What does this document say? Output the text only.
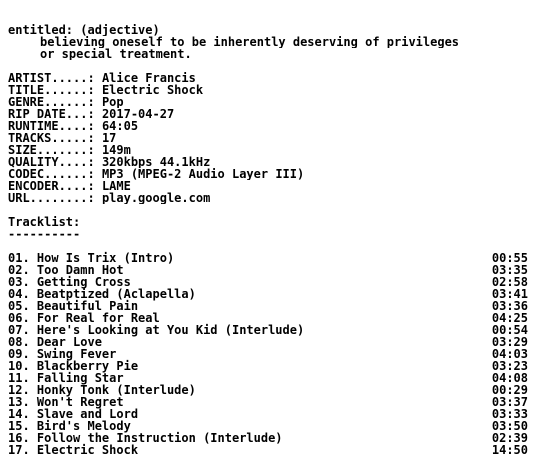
entitled: (adjective)
believing oneself to be inherently deserving of privileges
or special treatment.
ARTIST.....: Alice Francis
TITLE......: Electric Shock
GENRE......: Pop
RIP DATE...: 2017-04-27
RUNTIME....: 64:05
TRACKS.....: 17
SIZE.......: 149m
QUALITY....: 320kbps 44.1kHz
CODEC......: MP3 (MPEG-2 Audio Layer III)
ENCODER....: LAME
URL........: play.google.com
Tracklist:
----------
01. How Is Trix (Intro)	00:55
02. Too Damn Hot	03:35
03. Getting Cross	02:58
04. Beatptized (Aclapella)	03:41
05. Beautiful Pain	03:36
06. For Real for Real	04:25
07. Here's Looking at You Kid (Interlude)	00:54
08. Dear Love	03:29
09. Swing Fever	04:03
10. Blackberry Pie	03:23
11. Falling Star	04:08
12. Honky Tonk (Interlude)	00:29
13. Won't Regret	03:37
14. Slave and Lord	03:33
15. Bird's Melody	03:50
16. Follow the Instruction (Interlude)	02:39
17. Electric Shock	14:50
